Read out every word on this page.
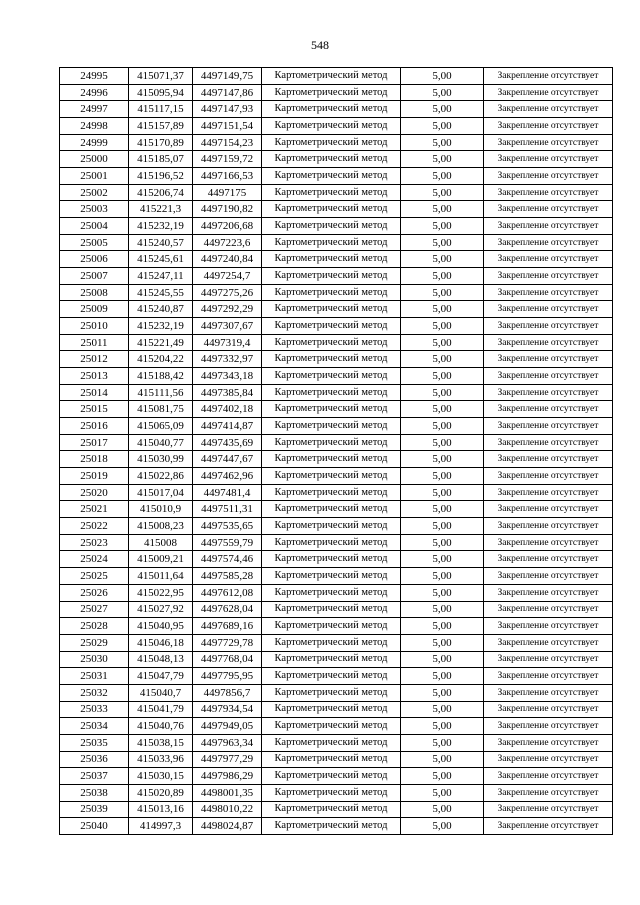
548
24995	415071,37	4497149,75	Картометрический метод	5,00	Закрепление отсутствует
24996	415095,94	4497147,86	Картометрический метод	5,00	Закрепление отсутствует
24997	415117,15	4497147,93	Картометрический метод	5,00	Закрепление отсутствует
24998	415157,89	4497151,54	Картометрический метод	5,00	Закрепление отсутствует
24999	415170,89	4497154,23	Картометрический метод	5,00	Закрепление отсутствует
25000	415185,07	4497159,72	Картометрический метод	5,00	Закрепление отсутствует
25001	415196,52	4497166,53	Картометрический метод	5,00	Закрепление отсутствует
25002	415206,74	4497175	Картометрический метод	5,00	Закрепление отсутствует
25003	415221,3	4497190,82	Картометрический метод	5,00	Закрепление отсутствует
25004	415232,19	4497206,68	Картометрический метод	5,00	Закрепление отсутствует
25005	415240,57	4497223,6	Картометрический метод	5,00	Закрепление отсутствует
25006	415245,61	4497240,84	Картометрический метод	5,00	Закрепление отсутствует
25007	415247,11	4497254,7	Картометрический метод	5,00	Закрепление отсутствует
25008	415245,55	4497275,26	Картометрический метод	5,00	Закрепление отсутствует
25009	415240,87	4497292,29	Картометрический метод	5,00	Закрепление отсутствует
25010	415232,19	4497307,67	Картометрический метод	5,00	Закрепление отсутствует
25011	415221,49	4497319,4	Картометрический метод	5,00	Закрепление отсутствует
25012	415204,22	4497332,97	Картометрический метод	5,00	Закрепление отсутствует
25013	415188,42	4497343,18	Картометрический метод	5,00	Закрепление отсутствует
25014	415111,56	4497385,84	Картометрический метод	5,00	Закрепление отсутствует
25015	415081,75	4497402,18	Картометрический метод	5,00	Закрепление отсутствует
25016	415065,09	4497414,87	Картометрический метод	5,00	Закрепление отсутствует
25017	415040,77	4497435,69	Картометрический метод	5,00	Закрепление отсутствует
25018	415030,99	4497447,67	Картометрический метод	5,00	Закрепление отсутствует
25019	415022,86	4497462,96	Картометрический метод	5,00	Закрепление отсутствует
25020	415017,04	4497481,4	Картометрический метод	5,00	Закрепление отсутствует
25021	415010,9	4497511,31	Картометрический метод	5,00	Закрепление отсутствует
25022	415008,23	4497535,65	Картометрический метод	5,00	Закрепление отсутствует
25023	415008	4497559,79	Картометрический метод	5,00	Закрепление отсутствует
25024	415009,21	4497574,46	Картометрический метод	5,00	Закрепление отсутствует
25025	415011,64	4497585,28	Картометрический метод	5,00	Закрепление отсутствует
25026	415022,95	4497612,08	Картометрический метод	5,00	Закрепление отсутствует
25027	415027,92	4497628,04	Картометрический метод	5,00	Закрепление отсутствует
25028	415040,95	4497689,16	Картометрический метод	5,00	Закрепление отсутствует
25029	415046,18	4497729,78	Картометрический метод	5,00	Закрепление отсутствует
25030	415048,13	4497768,04	Картометрический метод	5,00	Закрепление отсутствует
25031	415047,79	4497795,95	Картометрический метод	5,00	Закрепление отсутствует
25032	415040,7	4497856,7	Картометрический метод	5,00	Закрепление отсутствует
25033	415041,79	4497934,54	Картометрический метод	5,00	Закрепление отсутствует
25034	415040,76	4497949,05	Картометрический метод	5,00	Закрепление отсутствует
25035	415038,15	4497963,34	Картометрический метод	5,00	Закрепление отсутствует
25036	415033,96	4497977,29	Картометрический метод	5,00	Закрепление отсутствует
25037	415030,15	4497986,29	Картометрический метод	5,00	Закрепление отсутствует
25038	415020,89	4498001,35	Картометрический метод	5,00	Закрепление отсутствует
25039	415013,16	4498010,22	Картометрический метод	5,00	Закрепление отсутствует
25040	414997,3	4498024,87	Картометрический метод	5,00	Закрепление отсутствует
